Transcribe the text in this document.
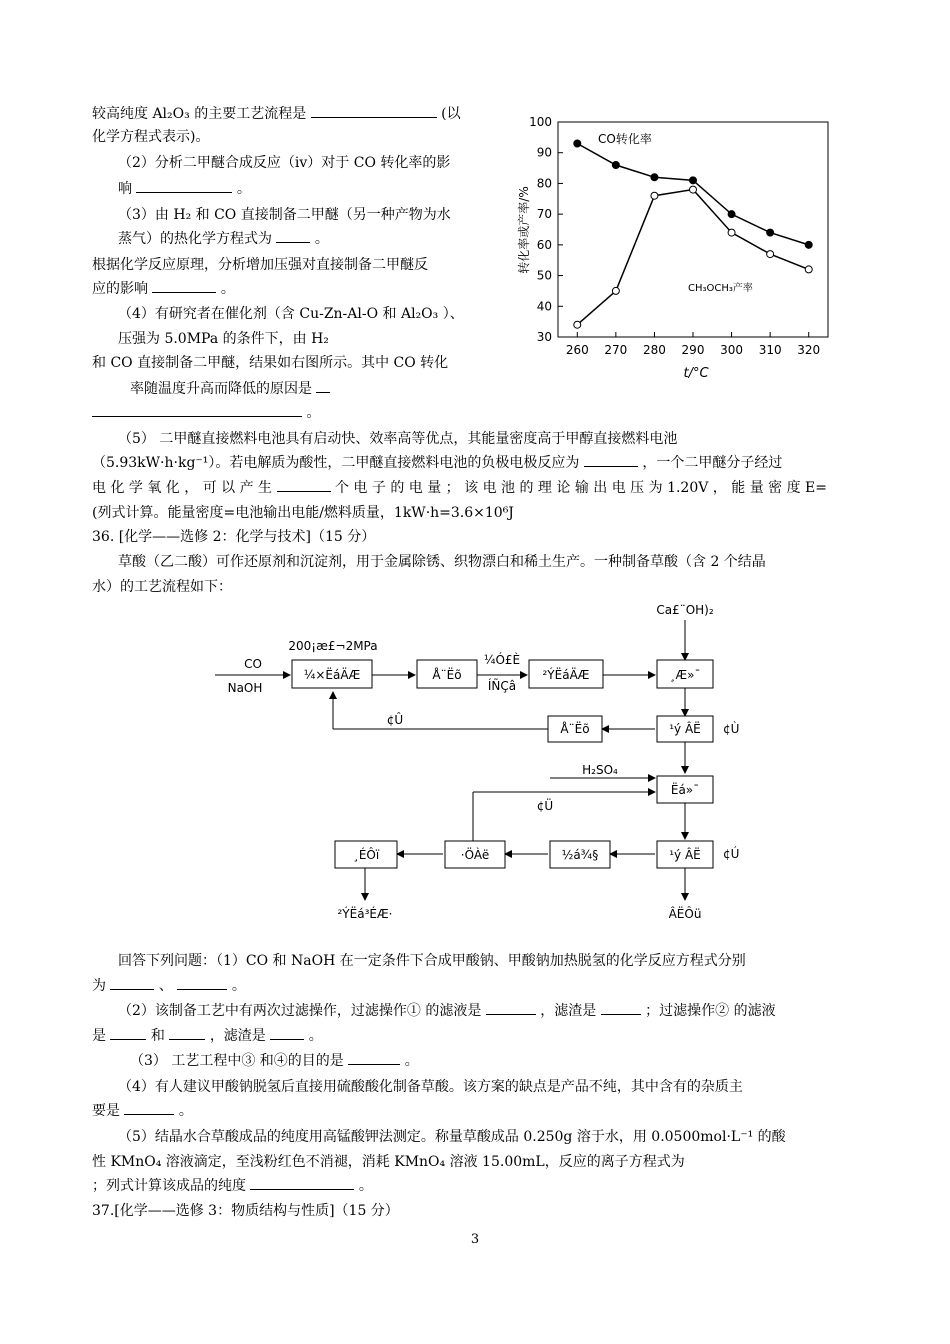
较高纯度 Al₂O₃ 的主要工艺流程是	(以
化学方程式表示)。
（2）分析二甲醚合成反应（ⅳ）对于 CO 转化率的影
响	。
（3）由 H₂ 和 CO 直接制备二甲醚（另一种产物为水
蒸气）的热化学方程式为	。
根据化学反应原理，分析增加压强对直接制备二甲醚反
应的影响	。
（4）有研究者在催化剂（含 Cu-Zn-Al-O 和 Al₂O₃ ）、
压强为 5.0MPa 的条件下，由 H₂
和 CO 直接制备二甲醚，结果如右图所示。其中 CO 转化
率随温度升高而降低的原因是
。
30
40
50
60
70
80
90
100
260 270 280 290 300 310 320
CO转化率
CH₃OCH₃产率
t/°C
转化率或产率/%
（5） 二甲醚直接燃料电池具有启动快、效率高等优点，其能量密度高于甲醇直接燃料电池
（5.93kW·h·kg⁻¹）。若电解质为酸性，二甲醚直接燃料电池的负极电极反应为	，一个二甲醚分子经过
电 化 学 氧 化 ， 可 以 产 生	个 电 子 的 电 量 ； 该 电 池 的 理 论 输 出 电 压 为 1.20V ， 能 量 密 度 E=
(列式计算。能量密度=电池输出电能/燃料质量，1kW·h=3.6×10⁶J
36. [化学——选修 2：化学与技术]（15 分）
草酸（乙二酸）可作还原剂和沉淀剂，用于金属除锈、织物漂白和稀土生产。一种制备草酸（含 2 个结晶
水）的工艺流程如下：
CO
NaOH
200¡æ£¬2MPa
¼×ËáÄÆ	Å¨Ëõ
¼Ó£È
ÍÑÇâ
²ÝËáÄÆ
Ca£¨OH)₂
¸Æ»¯
¹ý ÂË ¢Ù
Å¨Ëõ
¢Û
H₂SO₄
¢Ü
Ëá»¯
¹ý ÂË ¢Ú
½á¾§
·ÖÀë
¸ÉÔï
²ÝËá³ÉÆ·	ÂËÔü
回答下列问题：（1）CO 和 NaOH 在一定条件下合成甲酸钠、甲酸钠加热脱氢的化学反应方程式分别
为	、	。
（2）该制备工艺中有两次过滤操作，过滤操作① 的滤液是	，滤渣是	；过滤操作② 的滤液
是	和	，滤渣是	。
（3） 工艺工程中③ 和④的目的是	。
（4）有人建议甲酸钠脱氢后直接用硫酸酸化制备草酸。该方案的缺点是产品不纯，其中含有的杂质主
要是	。
（5）结晶水合草酸成品的纯度用高锰酸钾法测定。称量草酸成品 0.250g 溶于水，用 0.0500mol·L⁻¹ 的酸
性 KMnO₄ 溶液滴定，至浅粉红色不消褪，消耗 KMnO₄ 溶液 15.00mL，反应的离子方程式为
；列式计算该成品的纯度	。
37.[化学——选修 3：物质结构与性质]（15 分）
3
